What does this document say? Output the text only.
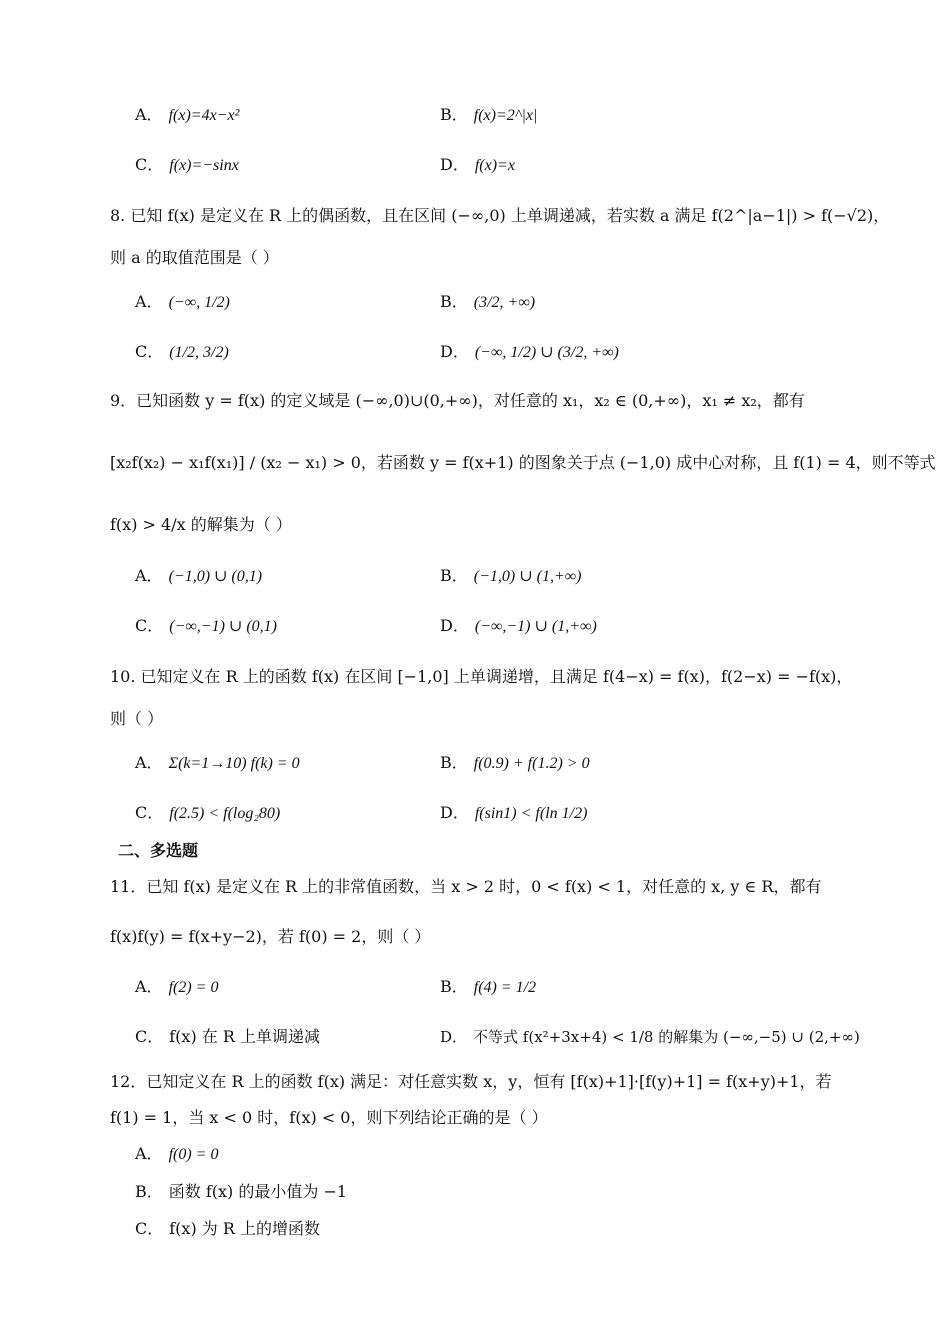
A． f(x)=4x−x²	B． f(x)=2^|x|
C． f(x)=−sinx	D． f(x)=x
8. 已知 f(x) 是定义在 R 上的偶函数，且在区间 (−∞,0) 上单调递减，若实数 a 满足 f(2^|a−1|) > f(−√2)，
则 a 的取值范围是（ ）
A． (−∞, 1/2)	B． (3/2, +∞)
C． (1/2, 3/2)	D． (−∞, 1/2) ∪ (3/2, +∞)
9．已知函数 y = f(x) 的定义域是 (−∞,0)∪(0,+∞)，对任意的 x₁，x₂ ∈ (0,+∞)，x₁ ≠ x₂，都有
[x₂f(x₂) − x₁f(x₁)] / (x₂ − x₁) > 0，若函数 y = f(x+1) 的图象关于点 (−1,0) 成中心对称，且 f(1) = 4，则不等式
f(x) > 4/x 的解集为（ ）
A． (−1,0) ∪ (0,1)	B． (−1,0) ∪ (1,+∞)
C． (−∞,−1) ∪ (0,1)	D． (−∞,−1) ∪ (1,+∞)
10. 已知定义在 R 上的函数 f(x) 在区间 [−1,0] 上单调递增，且满足 f(4−x) = f(x)，f(2−x) = −f(x)，
则（ ）
A． Σ(k=1→10) f(k) = 0	B． f(0.9) + f(1.2) > 0
C． f(2.5) < f(log₂80)	D． f(sin1) < f(ln 1/2)
二、多选题
11．已知 f(x) 是定义在 R 上的非常值函数，当 x > 2 时，0 < f(x) < 1，对任意的 x, y ∈ R，都有
f(x)f(y) = f(x+y−2)，若 f(0) = 2，则（ ）
A． f(2) = 0	B． f(4) = 1/2
C． f(x) 在 R 上单调递减	D． 不等式 f(x²+3x+4) < 1/8 的解集为 (−∞,−5) ∪ (2,+∞)
12．已知定义在 R 上的函数 f(x) 满足：对任意实数 x，y，恒有 [f(x)+1]·[f(y)+1] = f(x+y)+1，若
f(1) = 1，当 x < 0 时，f(x) < 0，则下列结论正确的是（ ）
A． f(0) = 0
B． 函数 f(x) 的最小值为 −1
C． f(x) 为 R 上的增函数
